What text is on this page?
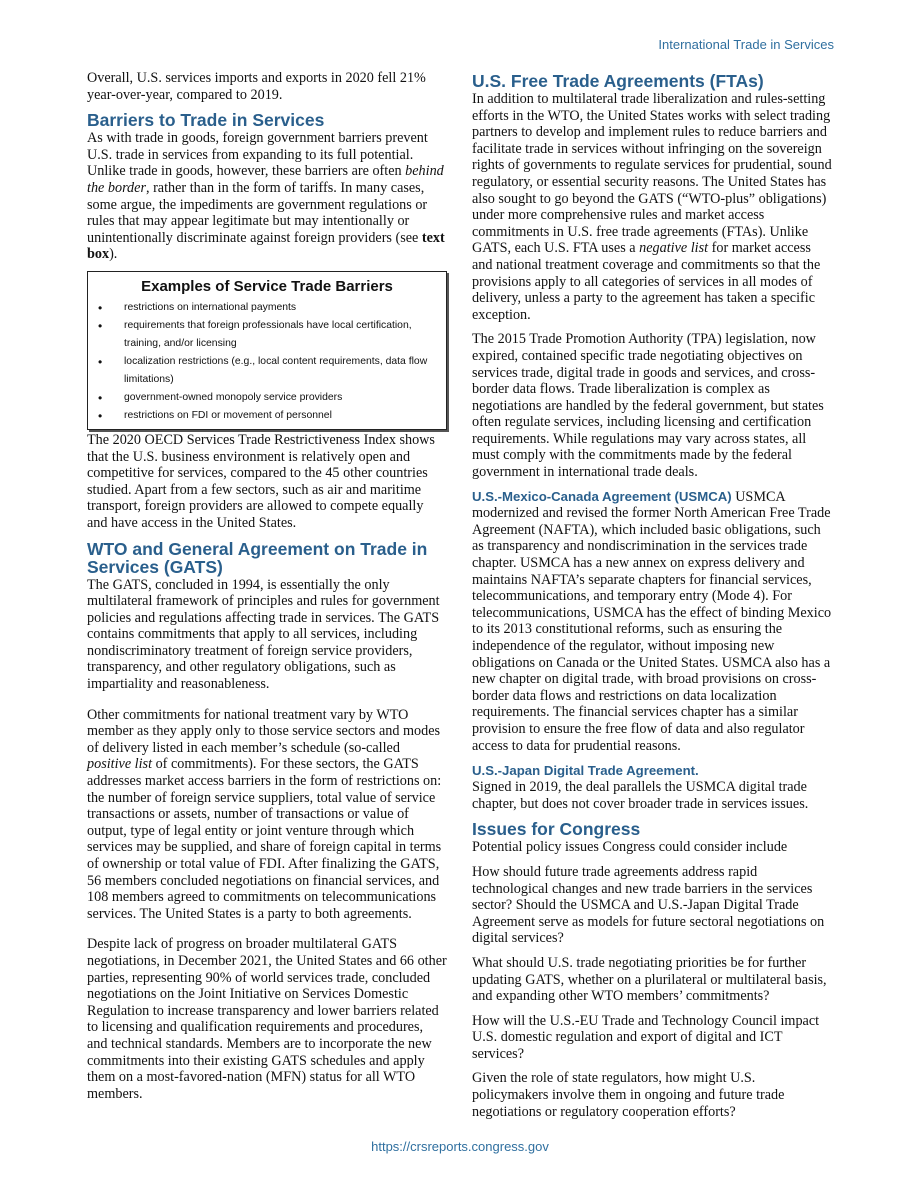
International Trade in Services

Overall, U.S. services imports and exports in 2020 fell 21% year-over-year, compared to 2019.

Barriers to Trade in Services

As with trade in goods, foreign government barriers prevent U.S. trade in services from expanding to its full potential. Unlike trade in goods, however, these barriers are often behind the border, rather than in the form of tariffs. In many cases, some argue, the impediments are government regulations or rules that may appear legitimate but may intentionally or unintentionally discriminate against foreign providers (see text box).

Examples of Service Trade Barriers
• restrictions on international payments
• requirements that foreign professionals have local certification, training, and/or licensing
• localization restrictions (e.g., local content requirements, data flow limitations)
• government-owned monopoly service providers
• restrictions on FDI or movement of personnel

The 2020 OECD Services Trade Restrictiveness Index shows that the U.S. business environment is relatively open and competitive for services, compared to the 45 other countries studied. Apart from a few sectors, such as air and maritime transport, foreign providers are allowed to compete equally and have access in the United States.

WTO and General Agreement on Trade in Services (GATS)

The GATS, concluded in 1994, is essentially the only multilateral framework of principles and rules for government policies and regulations affecting trade in services. The GATS contains commitments that apply to all services, including nondiscriminatory treatment of foreign service providers, transparency, and other regulatory obligations, such as impartiality and reasonableness.

Other commitments for national treatment vary by WTO member as they apply only to those service sectors and modes of delivery listed in each member’s schedule (so-called positive list of commitments). For these sectors, the GATS addresses market access barriers in the form of restrictions on: the number of foreign service suppliers, total value of service transactions or assets, number of transactions or value of output, type of legal entity or joint venture through which services may be supplied, and share of foreign capital in terms of ownership or total value of FDI. After finalizing the GATS, 56 members concluded negotiations on financial services, and 108 members agreed to commitments on telecommunications services. The United States is a party to both agreements.

Despite lack of progress on broader multilateral GATS negotiations, in December 2021, the United States and 66 other parties, representing 90% of world services trade, concluded negotiations on the Joint Initiative on Services Domestic Regulation to increase transparency and lower barriers related to licensing and qualification requirements and procedures, and technical standards. Members are to incorporate the new commitments into their existing GATS schedules and apply them on a most-favored-nation (MFN) status for all WTO members.

U.S. Free Trade Agreements (FTAs)

In addition to multilateral trade liberalization and rules-setting efforts in the WTO, the United States works with select trading partners to develop and implement rules to reduce barriers and facilitate trade in services without infringing on the sovereign rights of governments to regulate services for prudential, sound regulatory, or essential security reasons. The United States has also sought to go beyond the GATS (“WTO-plus” obligations) under more comprehensive rules and market access commitments in U.S. free trade agreements (FTAs). Unlike GATS, each U.S. FTA uses a negative list for market access and national treatment coverage and commitments so that the provisions apply to all categories of services in all modes of delivery, unless a party to the agreement has taken a specific exception.

The 2015 Trade Promotion Authority (TPA) legislation, now expired, contained specific trade negotiating objectives on services trade, digital trade in goods and services, and cross-border data flows. Trade liberalization is complex as negotiations are handled by the federal government, but states often regulate services, including licensing and certification requirements. While regulations may vary across states, all must comply with the commitments made by the federal government in international trade deals.

U.S.-Mexico-Canada Agreement (USMCA) USMCA modernized and revised the former North American Free Trade Agreement (NAFTA), which included basic obligations, such as transparency and nondiscrimination in the services trade chapter. USMCA has a new annex on express delivery and maintains NAFTA’s separate chapters for financial services, telecommunications, and temporary entry (Mode 4). For telecommunications, USMCA has the effect of binding Mexico to its 2013 constitutional reforms, such as ensuring the independence of the regulator, without imposing new obligations on Canada or the United States. USMCA also has a new chapter on digital trade, with broad provisions on cross-border data flows and restrictions on data localization requirements. The financial services chapter has a similar provision to ensure the free flow of data and also regulator access to data for prudential reasons.

U.S.-Japan Digital Trade Agreement.

Signed in 2019, the deal parallels the USMCA digital trade chapter, but does not cover broader trade in services issues.

Issues for Congress

Potential policy issues Congress could consider include

How should future trade agreements address rapid technological changes and new trade barriers in the services sector? Should the USMCA and U.S.-Japan Digital Trade Agreement serve as models for future sectoral negotiations on digital services?

What should U.S. trade negotiating priorities be for further updating GATS, whether on a plurilateral or multilateral basis, and expanding other WTO members’ commitments?

How will the U.S.-EU Trade and Technology Council impact U.S. domestic regulation and export of digital and ICT services?

Given the role of state regulators, how might U.S. policymakers involve them in ongoing and future trade negotiations or regulatory cooperation efforts?

https://crsreports.congress.gov
